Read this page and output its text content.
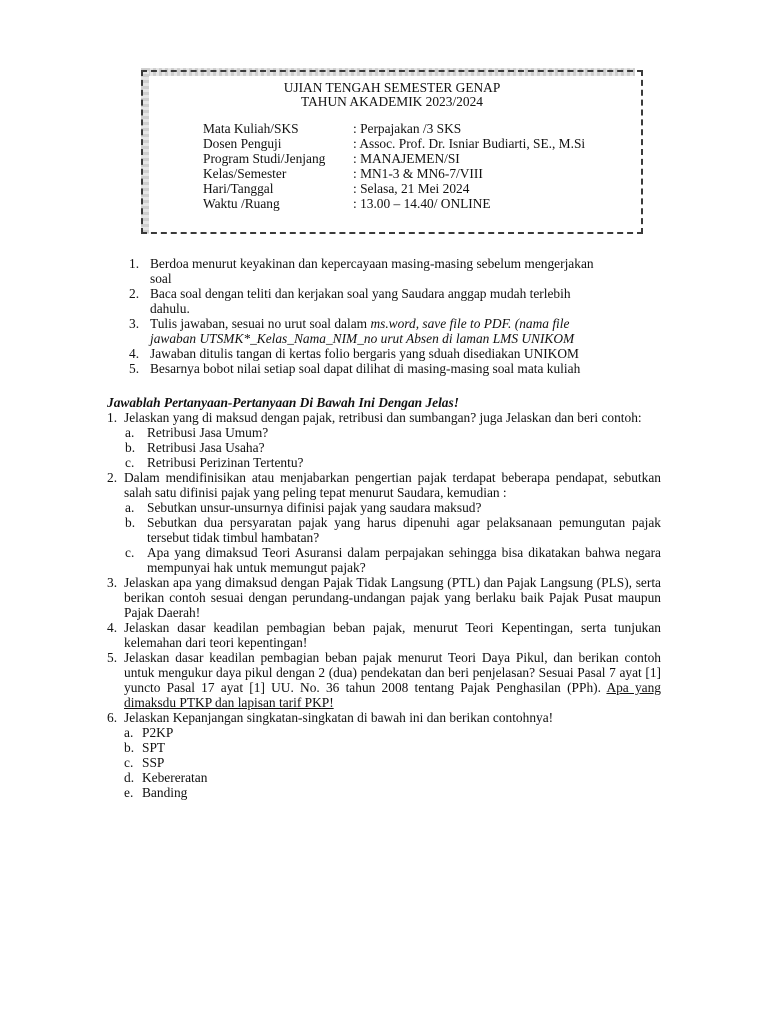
UJIAN TENGAH SEMESTER GENAP
TAHUN AKADEMIK 2023/2024
Mata Kuliah/SKS	: Perpajakan /3 SKS
Dosen Penguji	: Assoc. Prof. Dr. Isniar Budiarti, SE., M.Si
Program Studi/Jenjang	: MANAJEMEN/SI
Kelas/Semester	: MN1-3 & MN6-7/VIII
Hari/Tanggal	: Selasa, 21 Mei 2024
Waktu /Ruang	: 13.00 – 14.40/ ONLINE
1. Berdoa menurut keyakinan dan kepercayaan masing-masing sebelum mengerjakan
soal
2. Baca soal dengan teliti dan kerjakan soal yang Saudara anggap mudah terlebih
dahulu.
3. Tulis jawaban, sesuai no urut soal dalam ms.word, save file to PDF. (nama file
jawaban UTSMK*_Kelas_Nama_NIM_no urut Absen di laman LMS UNIKOM
4. Jawaban ditulis tangan di kertas folio bergaris yang sduah disediakan UNIKOM
5. Besarnya bobot nilai setiap soal dapat dilihat di masing-masing soal mata kuliah
Jawablah Pertanyaan-Pertanyaan Di Bawah Ini Dengan Jelas!
1. Jelaskan yang di maksud dengan pajak, retribusi dan sumbangan? juga Jelaskan dan beri contoh:
a. Retribusi Jasa Umum?
b. Retribusi Jasa Usaha?
c. Retribusi Perizinan Tertentu?
2. Dalam mendifinisikan atau menjabarkan pengertian pajak terdapat beberapa pendapat, sebutkan salah satu difinisi pajak yang peling tepat menurut Saudara, kemudian :
a. Sebutkan unsur-unsurnya difinisi pajak yang saudara maksud?
b. Sebutkan dua persyaratan pajak yang harus dipenuhi agar pelaksanaan pemungutan pajak tersebut tidak timbul hambatan?
c. Apa yang dimaksud Teori Asuransi dalam perpajakan sehingga bisa dikatakan bahwa negara mempunyai hak untuk memungut pajak?
3. Jelaskan apa yang dimaksud dengan Pajak Tidak Langsung (PTL) dan Pajak Langsung (PLS), serta berikan contoh sesuai dengan perundang-undangan pajak yang berlaku baik Pajak Pusat maupun Pajak Daerah!
4. Jelaskan dasar keadilan pembagian beban pajak, menurut Teori Kepentingan, serta tunjukan kelemahan dari teori kepentingan!
5. Jelaskan dasar keadilan pembagian beban pajak menurut Teori Daya Pikul, dan berikan contoh untuk mengukur daya pikul dengan 2 (dua) pendekatan dan beri penjelasan? Sesuai Pasal 7 ayat [1] yuncto Pasal 17 ayat [1] UU. No. 36 tahun 2008 tentang Pajak Penghasilan (PPh). Apa yang dimaksdu PTKP dan lapisan tarif PKP!
6. Jelaskan Kepanjangan singkatan-singkatan di bawah ini dan berikan contohnya!
a. P2KP
b. SPT
c. SSP
d. Kebereratan
e. Banding
